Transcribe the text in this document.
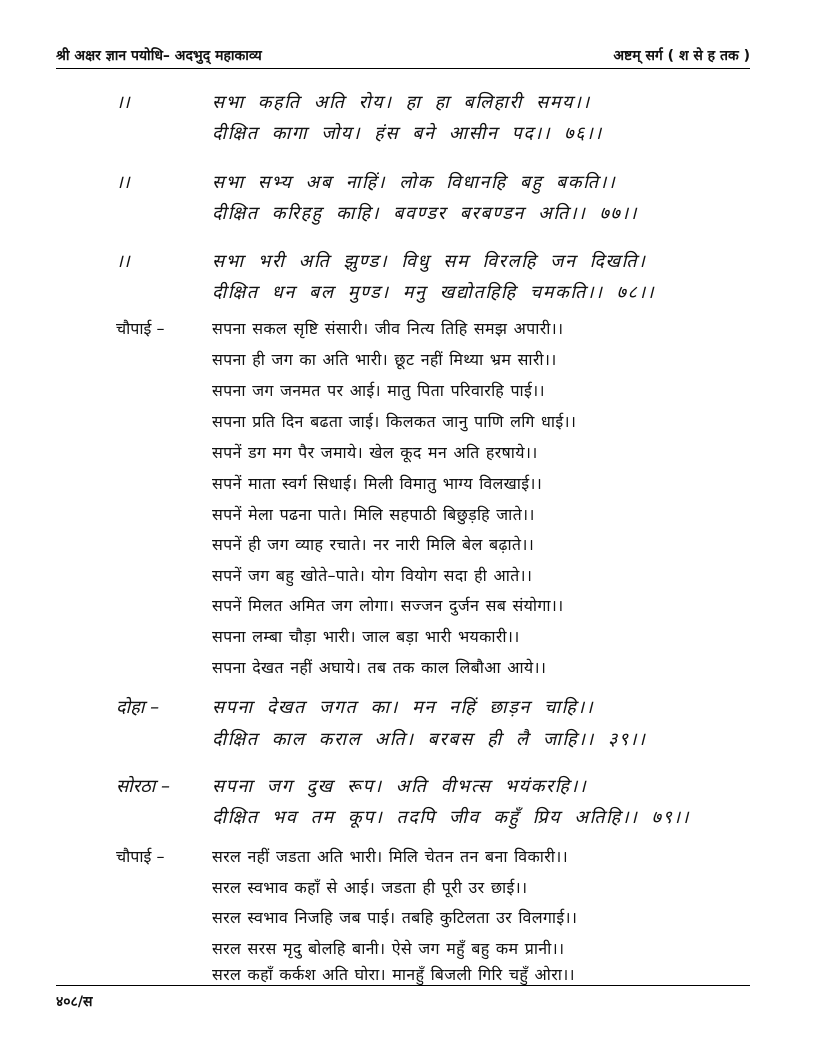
श्री अक्षर ज्ञान पयोधि– अदभुद् महाकाव्य	अष्टम् सर्ग ( श से ह तक )
।।	सभा कहति अति रोय। हा हा बलिहारी समय।।
दीक्षित कागा जोय। हंस बने आसीन पद।। ७६।।
।।	सभा सभ्य अब नाहिं। लोक विधानहि बहु बकति।।
दीक्षित करिहहु काहि। बवण्डर बरबण्डन अति।। ७७।।
।।	सभा भरी अति झुण्ड। विधु सम विरलहि जन दिखति।
दीक्षित धन बल मुण्ड। मनु खद्योतहिहि चमकति।। ७८।।
चौपाई –	सपना सकल सृष्टि संसारी। जीव नित्य तिहि समझ अपारी।।
सपना ही जग का अति भारी। छूट नहीं मिथ्या भ्रम सारी।।
सपना जग जनमत पर आई। मातु पिता परिवारहि पाई।।
सपना प्रति दिन बढता जाई। किलकत जानु पाणि लगि धाई।।
सपनें डग मग पैर जमाये। खेल कूद मन अति हरषाये।।
सपनें माता स्वर्ग सिधाई। मिली विमातु भाग्य विलखाई।।
सपनें मेला पढना पाते। मिलि सहपाठी बिछुड़हि जाते।।
सपनें ही जग व्याह रचाते। नर नारी मिलि बेल बढ़ाते।।
सपनें जग बहु खोते–पाते। योग वियोग सदा ही आते।।
सपनें मिलत अमित जग लोगा। सज्जन दुर्जन सब संयोगा।।
सपना लम्बा चौड़ा भारी। जाल बड़ा भारी भयकारी।।
सपना देखत नहीं अघाये। तब तक काल लिबौआ आये।।
दोहा –	सपना देखत जगत का। मन नहिं छाड़न चाहि।।
दीक्षित काल कराल अति। बरबस ही लै जाहि।। ३९।।
सोरठा – सपना जग दुख रूप। अति वीभत्स भयंकरहि।।
दीक्षित भव तम कूप। तदपि जीव कहुँ प्रिय अतिहि।। ७९।।
चौपाई –	सरल नहीं जडता अति भारी। मिलि चेतन तन बना विकारी।।
सरल स्वभाव कहाँ से आई। जडता ही पूरी उर छाई।।
सरल स्वभाव निजहि जब पाई। तबहि कुटिलता उर विलगाई।।
सरल सरस मृदु बोलहि बानी। ऐसे जग महुँ बहु कम प्रानी।।
सरल कहाँ कर्कश अति घोरा। मानहुँ बिजली गिरि चहुँ ओरा।।
४०८/स
